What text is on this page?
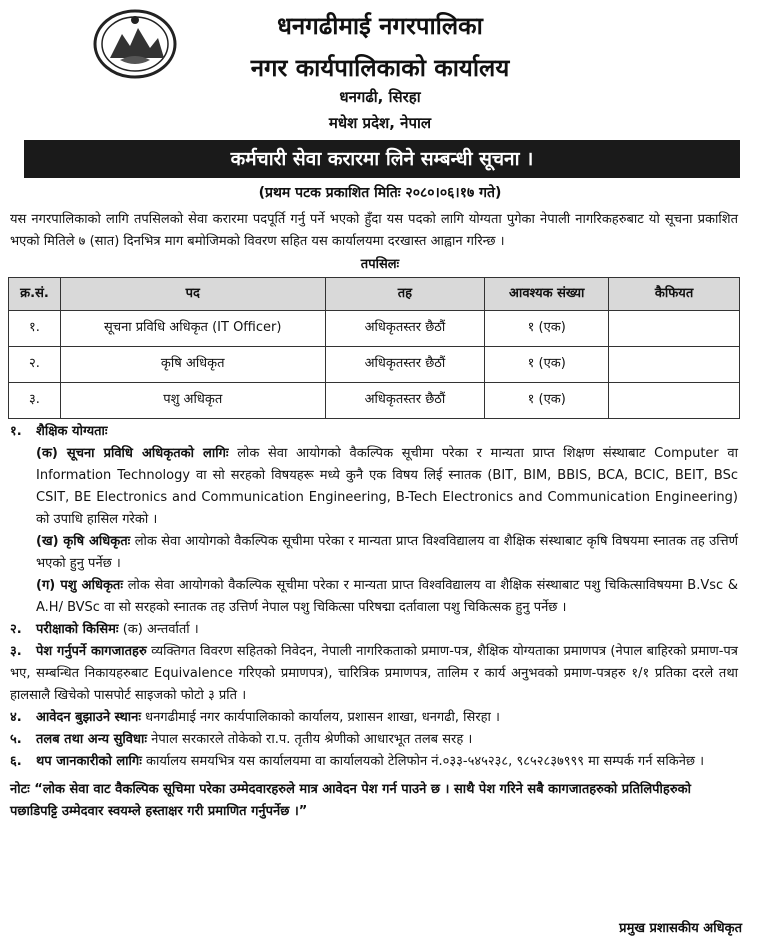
धनगढीमाई नगरपालिका
नगर कार्यपालिकाको कार्यालय
धनगढी, सिरहा
मधेश प्रदेश, नेपाल
कर्मचारी सेवा करारमा लिने सम्बन्धी सूचना ।
(प्रथम पटक प्रकाशित मितिः २०८०।०६।१७ गते)
यस नगरपालिकाको लागि तपसिलको सेवा करारमा पदपूर्ति गर्नु पर्ने भएको हुँदा यस पदको लागि योग्यता पुगेका नेपाली नागरिकहरुबाट यो सूचना प्रकाशित भएको मितिले ७ (सात) दिनभित्र माग बमोजिमको विवरण सहित यस कार्यालयमा दरखास्त आह्वान गरिन्छ ।
तपसिलः
क्र.सं.	पद	तह	आवश्यक संख्या	कैफियत
१.	सूचना प्रविधि अधिकृत (IT Officer)	अधिकृतस्तर छैठौं	१ (एक)	
२.	कृषि अधिकृत	अधिकृतस्तर छैठौं	१ (एक)	
३.	पशु अधिकृत	अधिकृतस्तर छैठौं	१ (एक)	
१. शैक्षिक योग्यताः
(क) सूचना प्रविधि अधिकृतको लागिः लोक सेवा आयोगको वैकल्पिक सूचीमा परेका र मान्यता प्राप्त शिक्षण संस्थाबाट Computer वा Information Technology वा सो सरहको विषयहरू मध्ये कुनै एक विषय लिई स्नातक (BIT, BIM, BBIS, BCA, BCIC, BEIT, BSc CSIT, BE Electronics and Communication Engineering, B-Tech Electronics and Communication Engineering) को उपाधि हासिल गरेको ।
(ख) कृषि अधिकृतः लोक सेवा आयोगको वैकल्पिक सूचीमा परेका र मान्यता प्राप्त विश्वविद्यालय वा शैक्षिक संस्थाबाट कृषि विषयमा स्नातक तह उत्तिर्ण भएको हुनु पर्नेछ ।
(ग) पशु अधिकृतः लोक सेवा आयोगको वैकल्पिक सूचीमा परेका र मान्यता प्राप्त विश्वविद्यालय वा शैक्षिक संस्थाबाट पशु चिकित्साविषयमा B.Vsc & A.H/ BVSc वा सो सरहको स्नातक तह उत्तिर्ण नेपाल पशु चिकित्सा परिषद्मा दर्तावाला पशु चिकित्सक हुनु पर्नेछ ।
२. परीक्षाको किसिमः (क) अन्तर्वार्ता ।
३. पेश गर्नुपर्ने कागजातहरु व्यक्तिगत विवरण सहितको निवेदन, नेपाली नागरिकताको प्रमाण-पत्र, शैक्षिक योग्यताका प्रमाणपत्र (नेपाल बाहिरको प्रमाण-पत्र भए, सम्बन्धित निकायहरुबाट Equivalence गरिएको प्रमाणपत्र), चारित्रिक प्रमाणपत्र, तालिम र कार्य अनुभवको प्रमाण-पत्रहरु १/१ प्रतिका दरले तथा हालसालै खिचेको पासपोर्ट साइजको फोटो ३ प्रति ।
४. आवेदन बुझाउने स्थानः धनगढीमाई नगर कार्यपालिकाको कार्यालय, प्रशासन शाखा, धनगढी, सिरहा ।
५. तलब तथा अन्य सुविधाः नेपाल सरकारले तोकेको रा.प. तृतीय श्रेणीको आधारभूत तलब सरह ।
६. थप जानकारीको लागिः कार्यालय समयभित्र यस कार्यालयमा वा कार्यालयको टेलिफोन नं.०३३-५४५२३८, ९८५२८३७९९९ मा सम्पर्क गर्न सकिनेछ ।
नोटः “लोक सेवा वाट वैकल्पिक सूचिमा परेका उम्मेदवारहरुले मात्र आवेदन पेश गर्न पाउने छ । साथै पेश गरिने सबै कागजातहरुको प्रतिलिपीहरुको पछाडिपट्टि उम्मेदवार स्वयम्ले हस्ताक्षर गरी प्रमाणित गर्नुपर्नेछ ।”
प्रमुख प्रशासकीय अधिकृत
